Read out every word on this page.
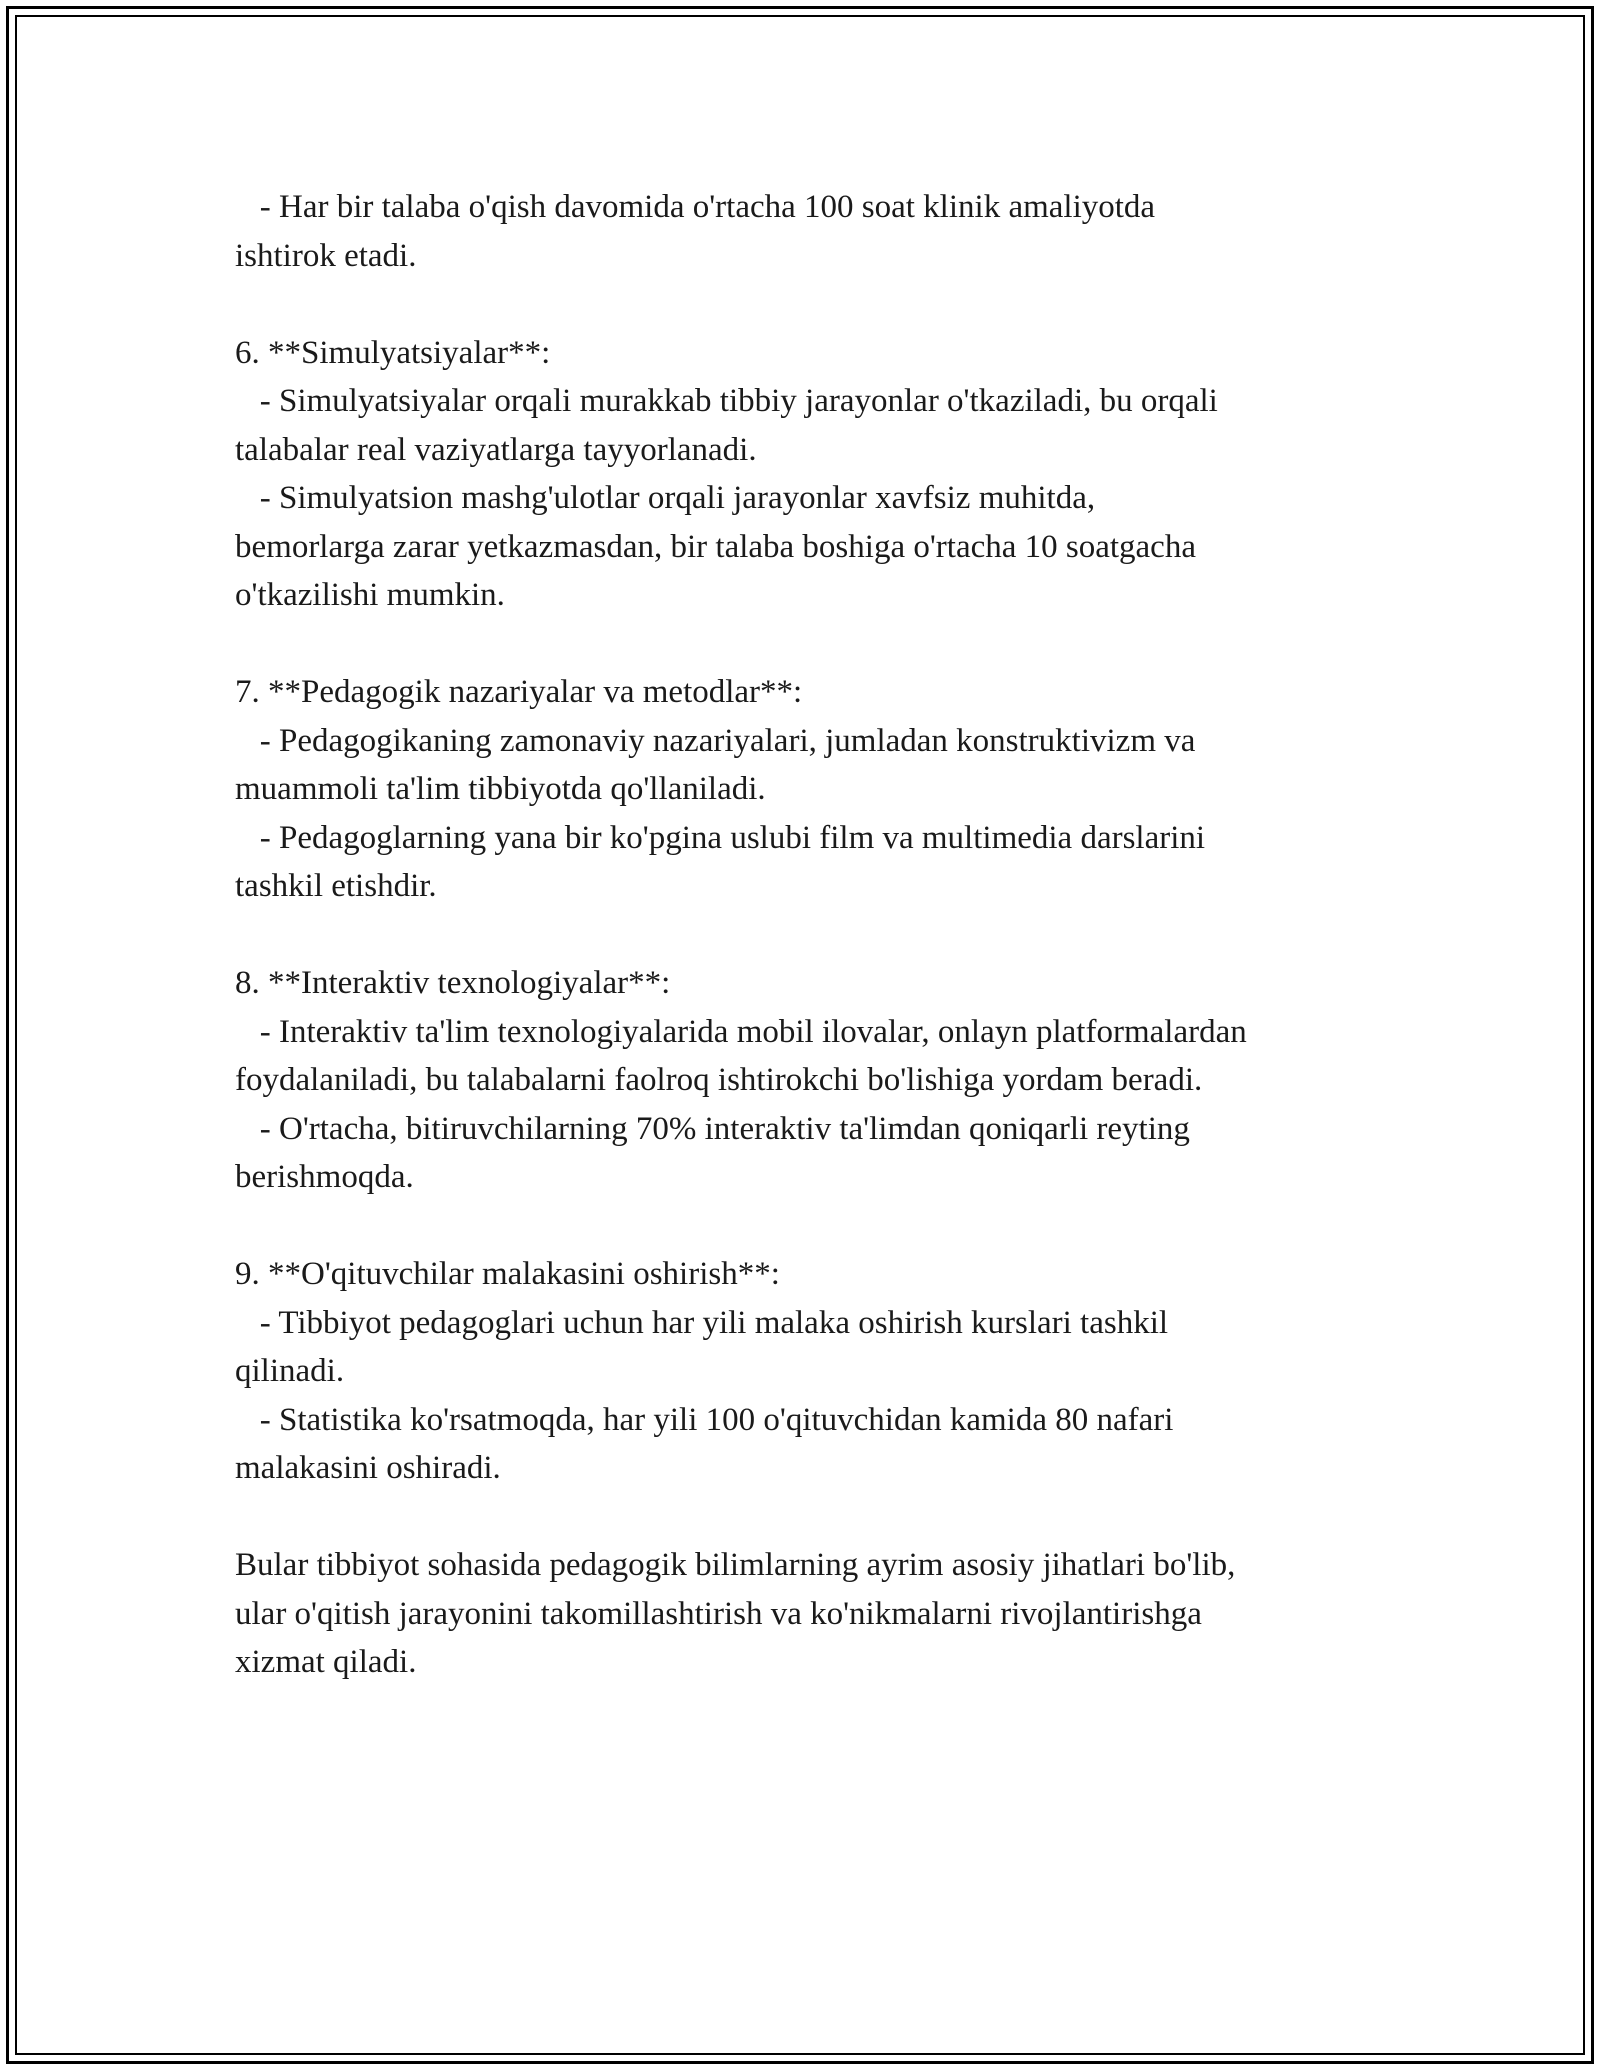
- Har bir talaba o'qish davomida o'rtacha 100 soat klinik amaliyotda
ishtirok etadi.
6. **Simulyatsiyalar**:
- Simulyatsiyalar orqali murakkab tibbiy jarayonlar o'tkaziladi, bu orqali
talabalar real vaziyatlarga tayyorlanadi.
- Simulyatsion mashg'ulotlar orqali jarayonlar xavfsiz muhitda,
bemorlarga zarar yetkazmasdan, bir talaba boshiga o'rtacha 10 soatgacha
o'tkazilishi mumkin.
7. **Pedagogik nazariyalar va metodlar**:
- Pedagogikaning zamonaviy nazariyalari, jumladan konstruktivizm va
muammoli ta'lim tibbiyotda qo'llaniladi.
- Pedagoglarning yana bir ko'pgina uslubi film va multimedia darslarini
tashkil etishdir.
8. **Interaktiv texnologiyalar**:
- Interaktiv ta'lim texnologiyalarida mobil ilovalar, onlayn platformalardan
foydalaniladi, bu talabalarni faolroq ishtirokchi bo'lishiga yordam beradi.
- O'rtacha, bitiruvchilarning 70% interaktiv ta'limdan qoniqarli reyting
berishmoqda.
9. **O'qituvchilar malakasini oshirish**:
- Tibbiyot pedagoglari uchun har yili malaka oshirish kurslari tashkil
qilinadi.
- Statistika ko'rsatmoqda, har yili 100 o'qituvchidan kamida 80 nafari
malakasini oshiradi.
Bular tibbiyot sohasida pedagogik bilimlarning ayrim asosiy jihatlari bo'lib,
ular o'qitish jarayonini takomillashtirish va ko'nikmalarni rivojlantirishga
xizmat qiladi.
